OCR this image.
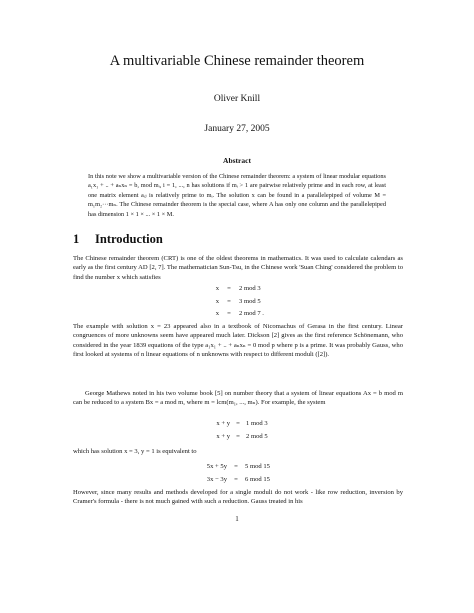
A multivariable Chinese remainder theorem
Oliver Knill
January 27, 2005
Abstract
In this note we show a multivariable version of the Chinese remainder theorem: a system of linear modular equations a₁x₁ + .. + aₙxₙ = b, mod mᵢ, i = 1, ..., n has solutions if mᵢ > 1 are pairwise relatively prime and in each row, at least one matrix element aᵢⱼ is relatively prime to mᵢ. The solution x can be found in a parallelepiped of volume M = m₁m₂···mₙ. The Chinese remainder theorem is the special case, where A has only one column and the parallelepiped has dimension 1 × 1 × ... × 1 × M.
1 Introduction
The Chinese remainder theorem (CRT) is one of the oldest theorems in mathematics. It was used to calculate calendars as early as the first century AD [2, 7]. The mathematician Sun-Tsu, in the Chinese work 'Suan Ching' considered the problem to find the number x which satisfies
x	=	2 mod 3
x	=	3 mod 5
x	=	2 mod 7 .
The example with solution x = 23 appeared also in a textbook of Nicomachus of Gerasa in the first century. Linear congruences of more unknowns seem have appeared much later. Dickson [2] gives as the first reference Schönemann, who considered in the year 1839 equations of the type a₁x₁ + .. + aₙxₙ = 0 mod p where p is a prime. It was probably Gauss, who first looked at systems of n linear equations of n unknowns with respect to different moduli ([2]).
George Mathews noted in his two volume book [5] on number theory that a system of linear equations Ax = b mod m can be reduced to a system Bx = a mod m, where m = lcm(m₁, ..., mₙ). For example, the system
x + y = 1 mod 3
x + y = 2 mod 5
which has solution x = 3, y = 1 is equivalent to
5x + 5y	=	5 mod 15
3x − 3y	=	6 mod 15
However, since many results and methods developed for a single moduli do not work - like row reduction, inversion by Cramer's formula - there is not much gained with such a reduction. Gauss treated in his
1
